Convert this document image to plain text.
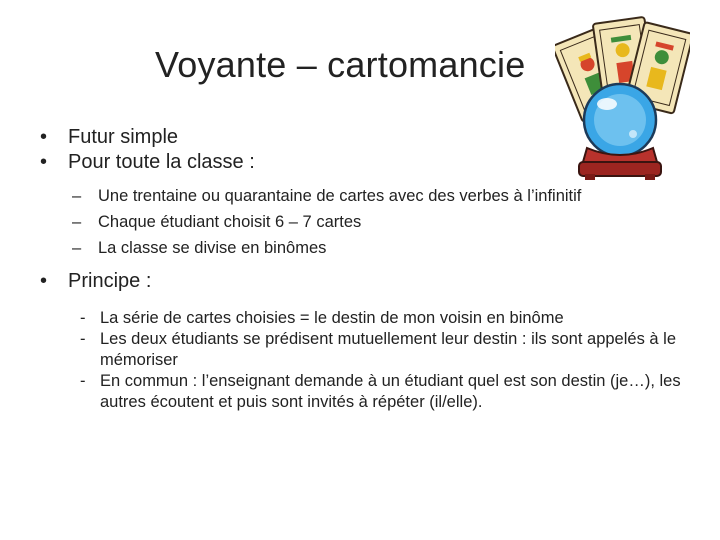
Voyante – cartomancie

• Futur simple

• Pour toute la classe :

– Une trentaine ou quarantaine de cartes avec des verbes à l’infinitif

– Chaque étudiant choisit 6 – 7 cartes

– La classe se divise en binômes

• Principe :

- La série de cartes choisies = le destin de mon voisin en binôme

- Les deux étudiants se prédisent mutuellement leur destin : ils sont appelés à le mémoriser

- En commun : l’enseignant demande à un étudiant quel est son destin (je…), les autres écoutent et puis sont invités à répéter (il/elle).
